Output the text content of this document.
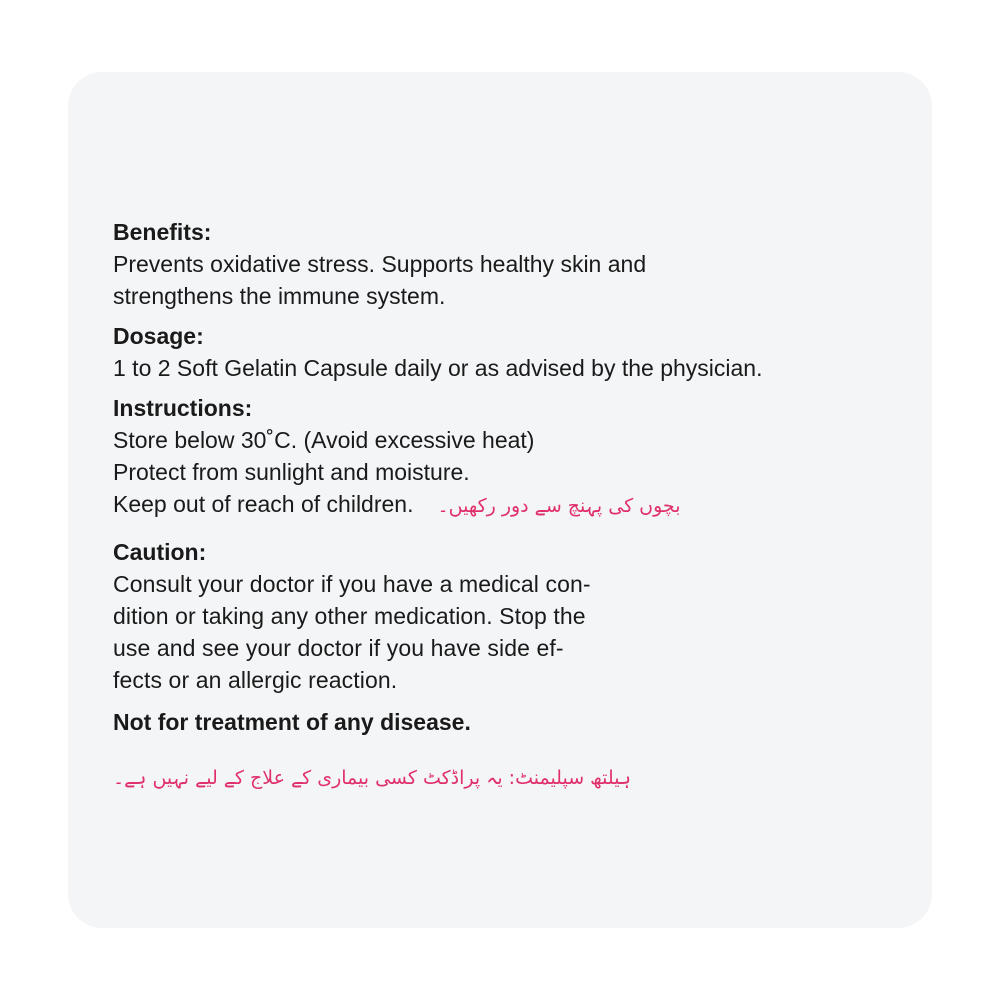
Benefits:

Prevents oxidative stress. Supports healthy skin and

strengthens the immune system.

Dosage:

1 to 2 Soft Gelatin Capsule daily or as advised by the physician.

Instructions:

Store below 30˚C. (Avoid excessive heat)

Protect from sunlight and moisture.

Keep out of reach of children. بچوں کی پہنچ سے دور رکھیں۔

Caution:

Consult your doctor if you have a medical con-

dition or taking any other medication. Stop the

use and see your doctor if you have side ef-

fects or an allergic reaction.

Not for treatment of any disease.

ہیلتھ سپلیمنٹ: یہ پراڈکٹ کسی بیماری کے علاج کے لیے نہیں ہے۔
